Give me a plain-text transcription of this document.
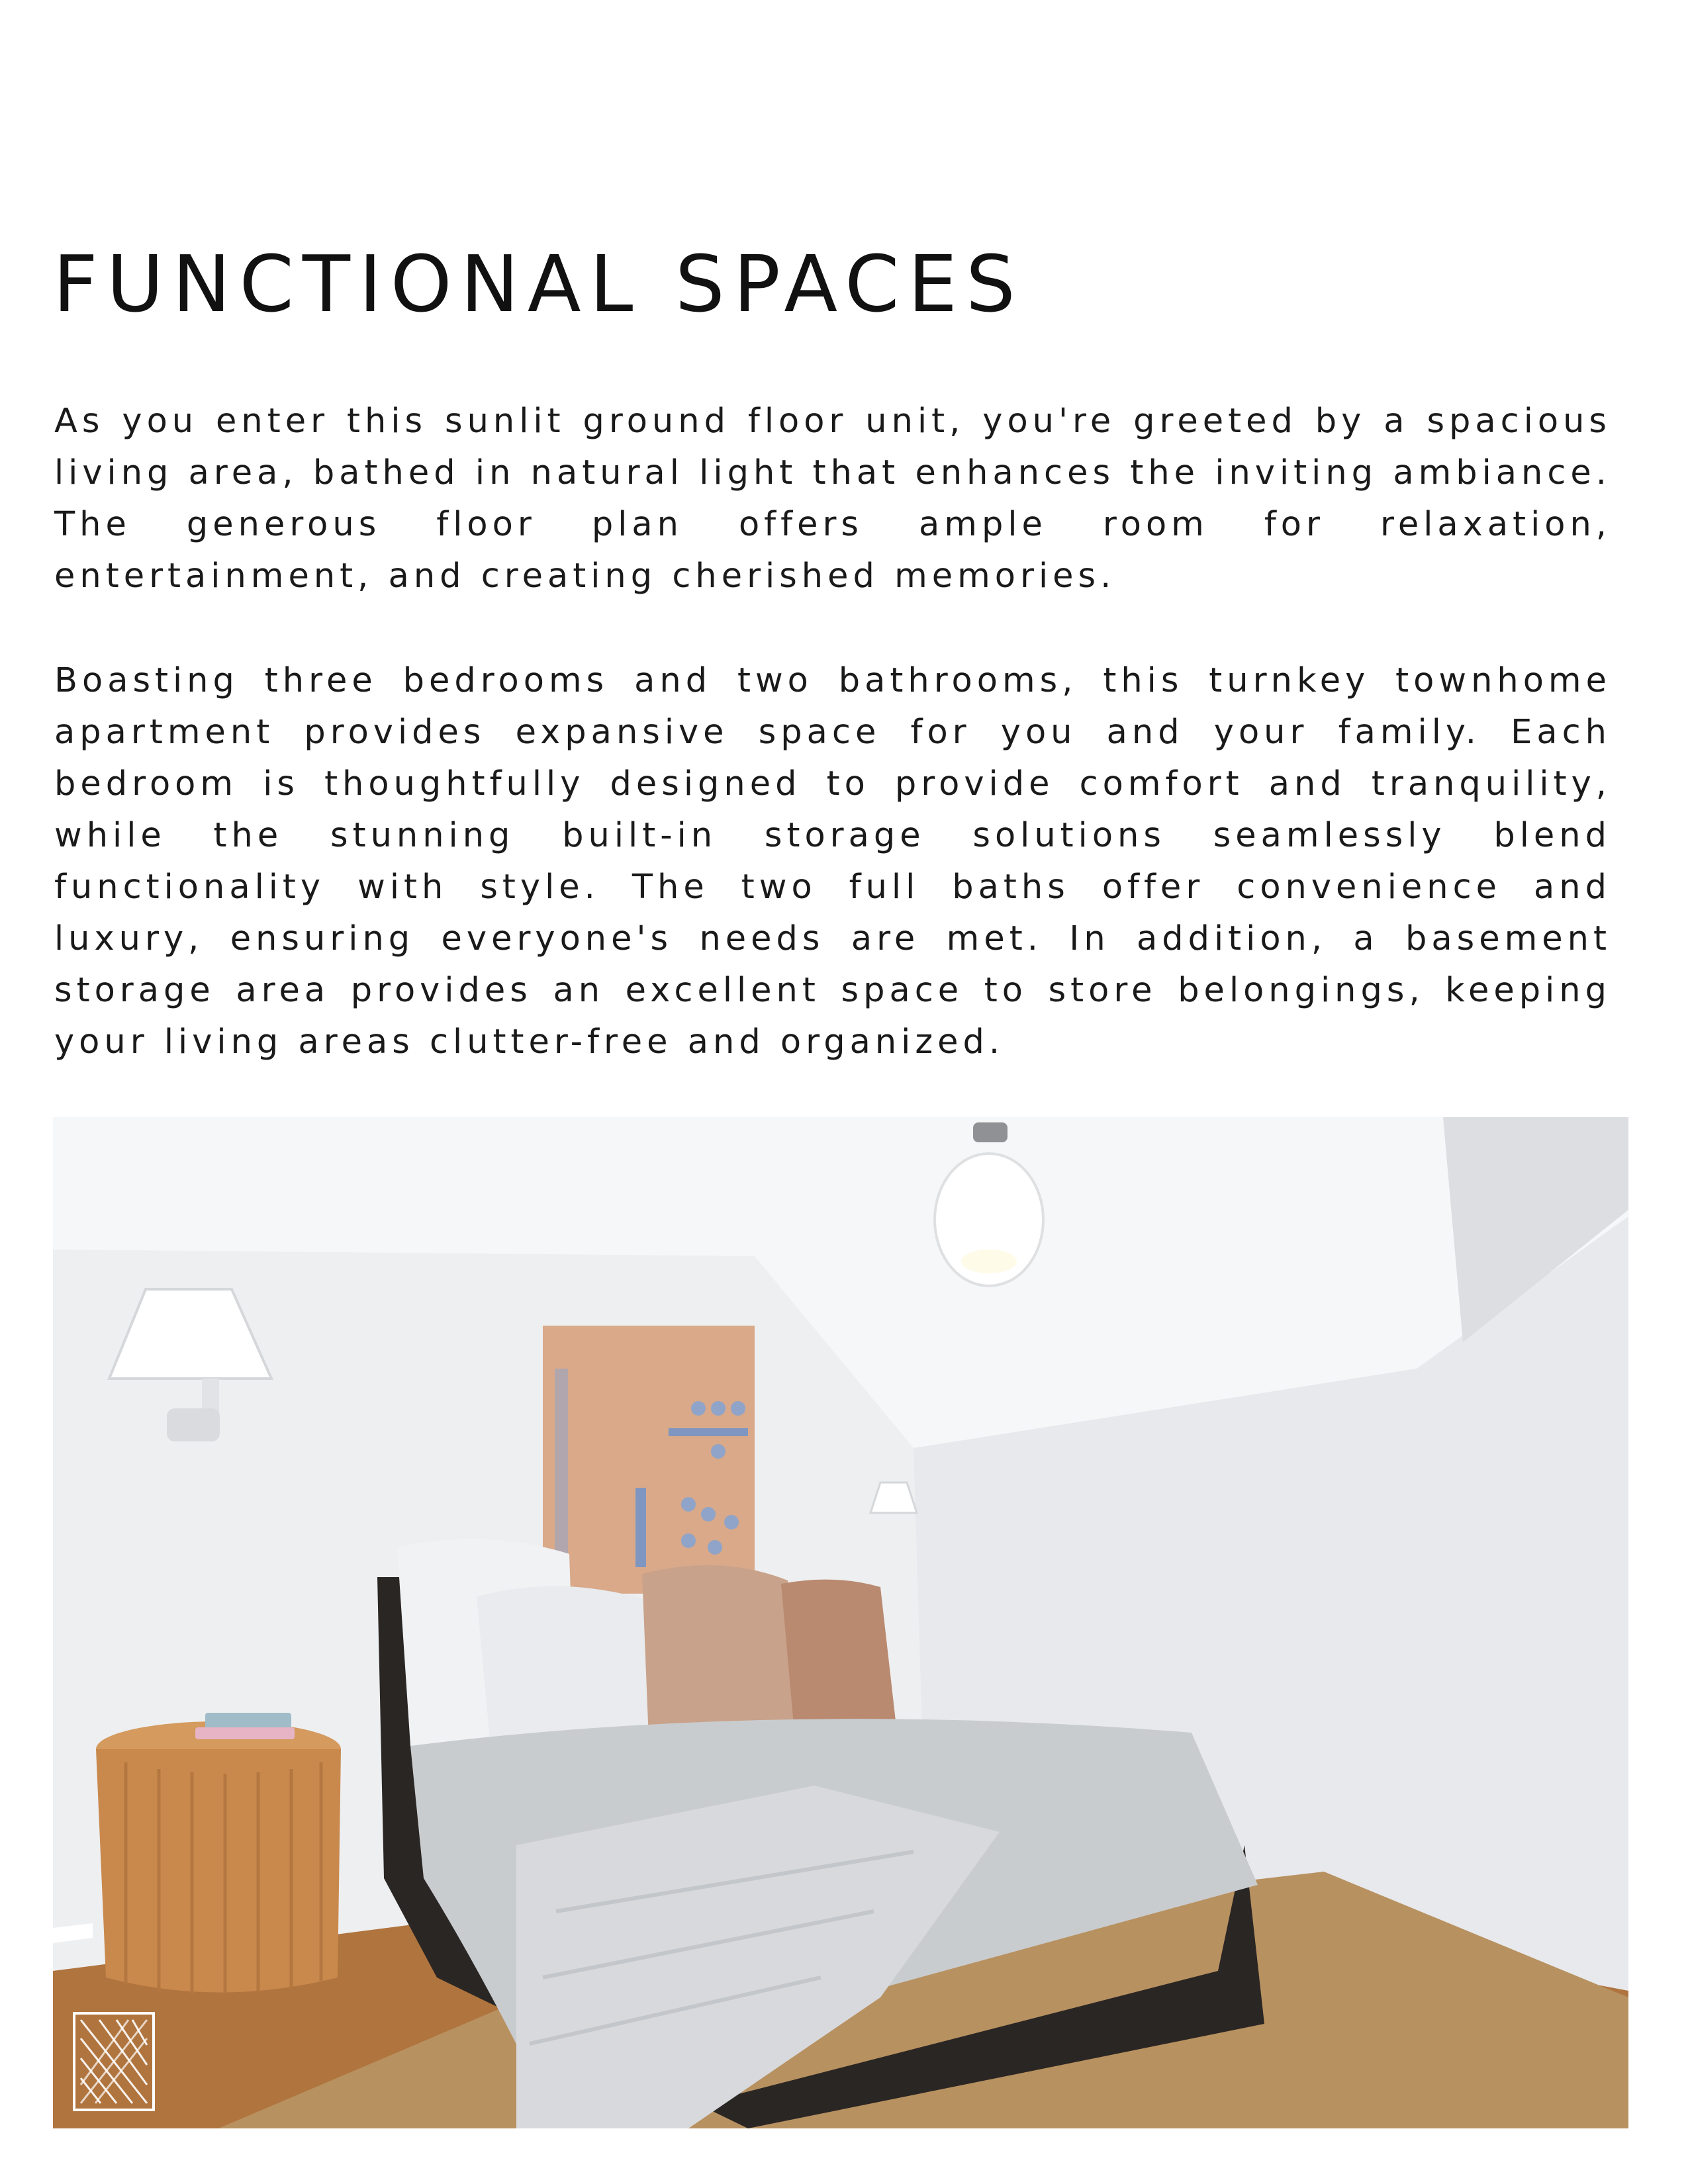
FUNCTIONAL SPACES

As you enter this sunlit ground floor unit, you're greeted by a spacious living area, bathed in natural light that enhances the inviting ambiance. The generous floor plan offers ample room for relaxation, entertainment, and creating cherished memories.

Boasting three bedrooms and two bathrooms, this turnkey townhome apartment provides expansive space for you and your family. Each bedroom is thoughtfully designed to provide comfort and tranquility, while the stunning built-in storage solutions seamlessly blend functionality with style. The two full baths offer convenience and luxury, ensuring everyone's needs are met. In addition, a basement storage area provides an excellent space to store belongings, keeping your living areas clutter-free and organized.
